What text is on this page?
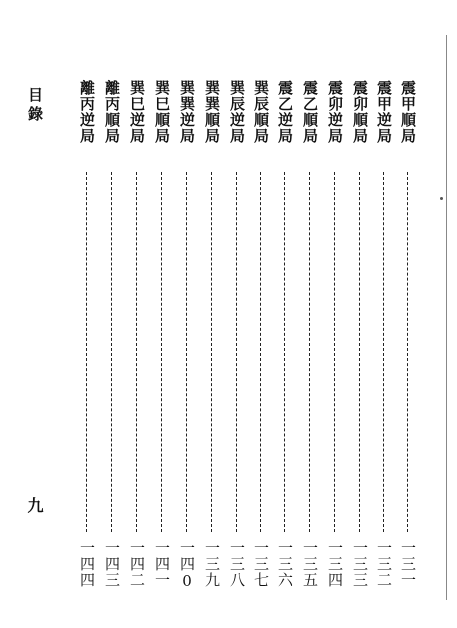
目錄
九
震甲順局
一三一
震甲逆局
一三二
震卯順局
一三三
震卯逆局
一三四
震乙順局
一三五
震乙逆局
一三六
巽辰順局
一三七
巽辰逆局
一三八
巽巽順局
一三九
巽巽逆局
一四0
巽巳順局
一四一
巽巳逆局
一四二
離丙順局
一四三
離丙逆局
一四四
